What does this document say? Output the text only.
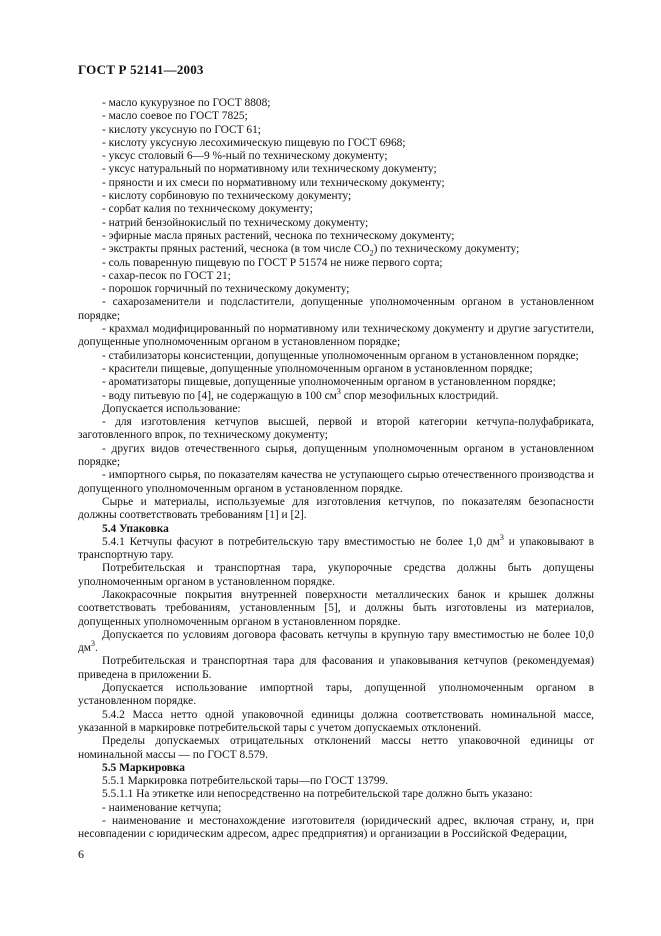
ГОСТ Р 52141—2003

- масло кукурузное по ГОСТ 8808;

- масло соевое по ГОСТ 7825;

- кислоту уксусную по ГОСТ 61;

- кислоту уксусную лесохимическую пищевую по ГОСТ 6968;

- уксус столовый 6—9 %-ный по техническому документу;

- уксус натуральный по нормативному или техническому документу;

- пряности и их смеси по нормативному или техническому документу;

- кислоту сорбиновую по техническому документу;

- сорбат калия по техническому документу;

- натрий бензойнокислый по техническому документу;

- эфирные масла пряных растений, чеснока по техническому документу;

- экстракты пряных растений, чеснока (в том числе $СО_2$) по техническому документу;

- соль поваренную пищевую по ГОСТ Р 51574 не ниже первого сорта;

- сахар-песок по ГОСТ 21;

- порошок горчичный по техническому документу;

- сахарозаменители и подсластители, допущенные уполномоченным органом в установленном порядке;

- крахмал модифицированный по нормативному или техническому документу и другие загустители, допущенные уполномоченным органом в установленном порядке;

- стабилизаторы консистенции, допущенные уполномоченным органом в установленном порядке;

- красители пищевые, допущенные уполномоченным органом в установленном порядке;

- ароматизаторы пищевые, допущенные уполномоченным органом в установленном порядке;

- воду питьевую по [4], не содержащую в 100 $см^3$ спор мезофильных клостридий.

Допускается использование:

- для изготовления кетчупов высшей, первой и второй категории кетчупа-полуфабриката, заготовленного впрок, по техническому документу;

- других видов отечественного сырья, допущенным уполномоченным органом в установленном порядке;

- импортного сырья, по показателям качества не уступающего сырью отечественного производства и допущенного уполномоченным органом в установленном порядке.

Сырье и материалы, используемые для изготовления кетчупов, по показателям безопасности должны соответствовать требованиям [1] и [2].

5.4 Упаковка

5.4.1 Кетчупы фасуют в потребительскую тару вместимостью не более 1,0 $дм^3$ и упаковывают в транспортную тару.

Потребительская и транспортная тара, укупорочные средства должны быть допущены уполномоченным органом в установленном порядке.

Лакокрасочные покрытия внутренней поверхности металлических банок и крышек должны соответствовать требованиям, установленным [5], и должны быть изготовлены из материалов, допущенных уполномоченным органом в установленном порядке.

Допускается по условиям договора фасовать кетчупы в крупную тару вместимостью не более 10,0 $дм^3$.

Потребительская и транспортная тара для фасования и упаковывания кетчупов (рекомендуемая) приведена в приложении Б.

Допускается использование импортной тары, допущенной уполномоченным органом в установленном порядке.

5.4.2 Масса нетто одной упаковочной единицы должна соответствовать номинальной массе, указанной в маркировке потребительской тары с учетом допускаемых отклонений.

Пределы допускаемых отрицательных отклонений массы нетто упаковочной единицы от номинальной массы — по ГОСТ 8.579.

5.5 Маркировка

5.5.1 Маркировка потребительской тары—по ГОСТ 13799.

5.5.1.1 На этикетке или непосредственно на потребительской таре должно быть указано:

- наименование кетчупа;

- наименование и местонахождение изготовителя (юридический адрес, включая страну, и, при несовпадении с юридическим адресом, адрес предприятия) и организации в Российской Федерации,

6
